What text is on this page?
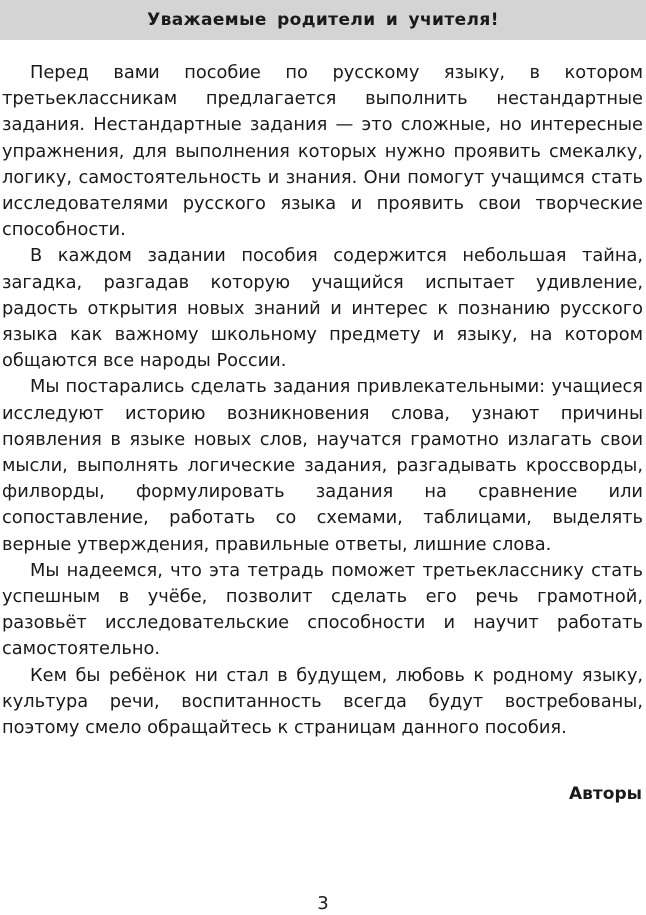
Уважаемые родители и учителя!

Перед вами пособие по русскому языку, в котором третьеклассникам предлагается выполнить нестандартные задания. Нестандартные задания — это сложные, но интересные упражнения, для выполнения которых нужно проявить смекалку, логику, самостоятельность и знания. Они помогут учащимся стать исследователями русского языка и проявить свои творческие способности.

В каждом задании пособия содержится небольшая тайна, загадка, разгадав которую учащийся испытает удивление, радость открытия новых знаний и интерес к познанию русского языка как важному школьному предмету и языку, на котором общаются все народы России.

Мы постарались сделать задания привлекательными: учащиеся исследуют историю возникновения слова, узнают причины появления в языке новых слов, научатся грамотно излагать свои мысли, выполнять логические задания, разгадывать кроссворды, филворды, формулировать задания на сравнение или сопоставление, работать со схемами, таблицами, выделять верные утверждения, правильные ответы, лишние слова.

Мы надеемся, что эта тетрадь поможет третьекласснику стать успешным в учёбе, позволит сделать его речь грамотной, разовьёт исследовательские способности и научит работать самостоятельно.

Кем бы ребёнок ни стал в будущем, любовь к родному языку, культура речи, воспитанность всегда будут востребованы, поэтому смело обращайтесь к страницам данного пособия.

Авторы

3
